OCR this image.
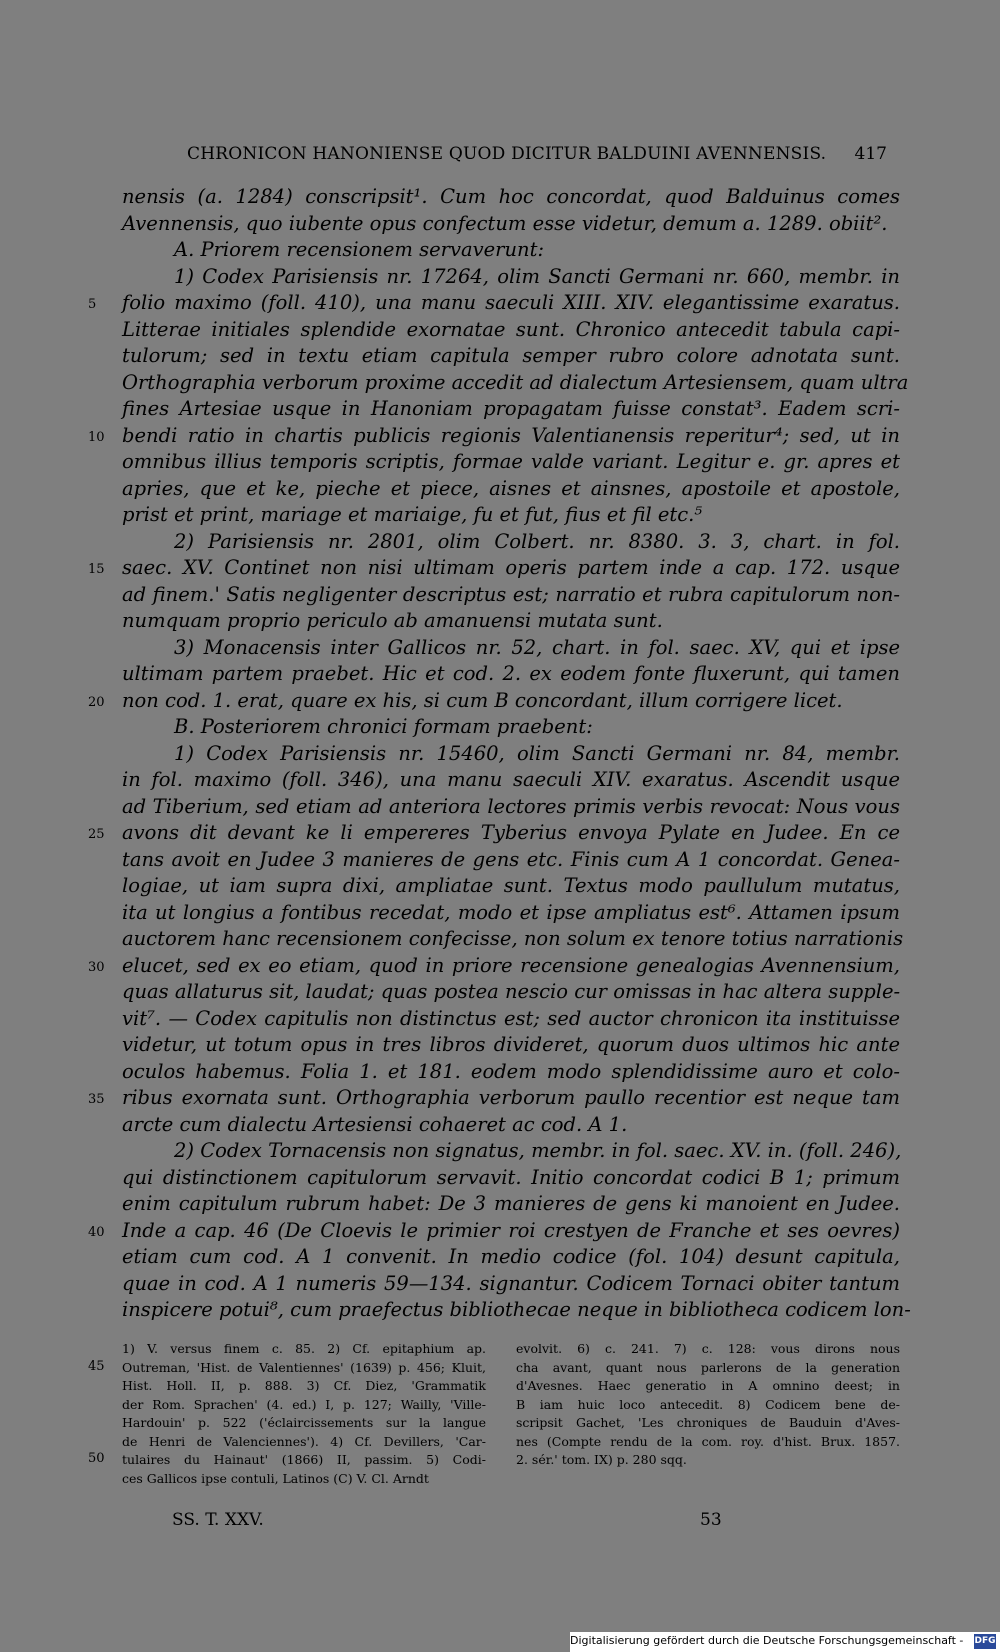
CHRONICON HANONIENSE QUOD DICITUR BALDUINI AVENNENSIS. 417
nensis (a. 1284) conscripsit¹. Cum hoc concordat, quod Balduinus comes
Avennensis, quo iubente opus confectum esse videtur, demum a. 1289. obiit².
A. Priorem recensionem servaverunt:
1) Codex Parisiensis nr. 17264, olim Sancti Germani nr. 660, membr. in
5	folio maximo (foll. 410), una manu saeculi XIII. XIV. elegantissime exaratus.
Litterae initiales splendide exornatae sunt. Chronico antecedit tabula capi-
tulorum; sed in textu etiam capitula semper rubro colore adnotata sunt.
Orthographia verborum proxime accedit ad dialectum Artesiensem, quam ultra
fines Artesiae usque in Hanoniam propagatam fuisse constat³. Eadem scri-
10 bendi ratio in chartis publicis regionis Valentianensis reperitur⁴; sed, ut in
omnibus illius temporis scriptis, formae valde variant. Legitur e. gr. apres et
apries, que et ke, pieche et piece, aisnes et ainsnes, apostoile et apostole,
prist et print, mariage et mariaige, fu et fut, fius et fil etc.⁵
2) Parisiensis nr. 2801, olim Colbert. nr. 8380. 3. 3, chart. in fol.
15 saec. XV. Continet non nisi ultimam operis partem inde a cap. 172. usque
ad finem.' Satis negligenter descriptus est; narratio et rubra capitulorum non-
numquam proprio periculo ab amanuensi mutata sunt.
3) Monacensis inter Gallicos nr. 52, chart. in fol. saec. XV, qui et ipse
ultimam partem praebet. Hic et cod. 2. ex eodem fonte fluxerunt, qui tamen
20 non cod. 1. erat, quare ex his, si cum B concordant, illum corrigere licet.
B. Posteriorem chronici formam praebent:
1) Codex Parisiensis nr. 15460, olim Sancti Germani nr. 84, membr.
in fol. maximo (foll. 346), una manu saeculi XIV. exaratus. Ascendit usque
ad Tiberium, sed etiam ad anteriora lectores primis verbis revocat: Nous vous
25 avons dit devant ke li empereres Tyberius envoya Pylate en Judee. En ce
tans avoit en Judee 3 manieres de gens etc. Finis cum A 1 concordat. Genea-
logiae, ut iam supra dixi, ampliatae sunt. Textus modo paullulum mutatus,
ita ut longius a fontibus recedat, modo et ipse ampliatus est⁶. Attamen ipsum
auctorem hanc recensionem confecisse, non solum ex tenore totius narrationis
30 elucet, sed ex eo etiam, quod in priore recensione genealogias Avennensium,
quas allaturus sit, laudat; quas postea nescio cur omissas in hac altera supple-
vit⁷. — Codex capitulis non distinctus est; sed auctor chronicon ita instituisse
videtur, ut totum opus in tres libros divideret, quorum duos ultimos hic ante
oculos habemus. Folia 1. et 181. eodem modo splendidissime auro et colo-
35 ribus exornata sunt. Orthographia verborum paullo recentior est neque tam
arcte cum dialectu Artesiensi cohaeret ac cod. A 1.
2) Codex Tornacensis non signatus, membr. in fol. saec. XV. in. (foll. 246),
qui distinctionem capitulorum servavit. Initio concordat codici B 1; primum
enim capitulum rubrum habet: De 3 manieres de gens ki manoient en Judee.
40 Inde a cap. 46 (De Cloevis le primier roi crestyen de Franche et ses oevres)
etiam cum cod. A 1 convenit. In medio codice (fol. 104) desunt capitula,
quae in cod. A 1 numeris 59—134. signantur. Codicem Tornaci obiter tantum
inspicere potui⁸, cum praefectus bibliothecae neque in bibliotheca codicem lon-
45
50
1) V. versus finem c. 85. 2) Cf. epitaphium ap.
Outreman, 'Hist. de Valentiennes' (1639) p. 456; Kluit,
Hist. Holl. II, p. 888. 3) Cf. Diez, 'Grammatik
der Rom. Sprachen' (4. ed.) I, p. 127; Wailly, 'Ville-
Hardouin' p. 522 ('éclaircissements sur la langue
de Henri de Valenciennes'). 4) Cf. Devillers, 'Car-
tulaires du Hainaut' (1866) II, passim. 5) Codi-
ces Gallicos ipse contuli, Latinos (C) V. Cl. Arndt
evolvit. 6) c. 241. 7) c. 128: vous dirons nous
cha avant, quant nous parlerons de la generation
d'Avesnes. Haec generatio in A omnino deest; in
B iam huic loco antecedit. 8) Codicem bene de-
scripsit Gachet, 'Les chroniques de Bauduin d'Aves-
nes (Compte rendu de la com. roy. d'hist. Brux. 1857.
2. sér.' tom. IX) p. 280 sqq.
SS. T. XXV.	53
Digitalisierung gefördert durch die Deutsche Forschungsgemeinschaft - DFG
